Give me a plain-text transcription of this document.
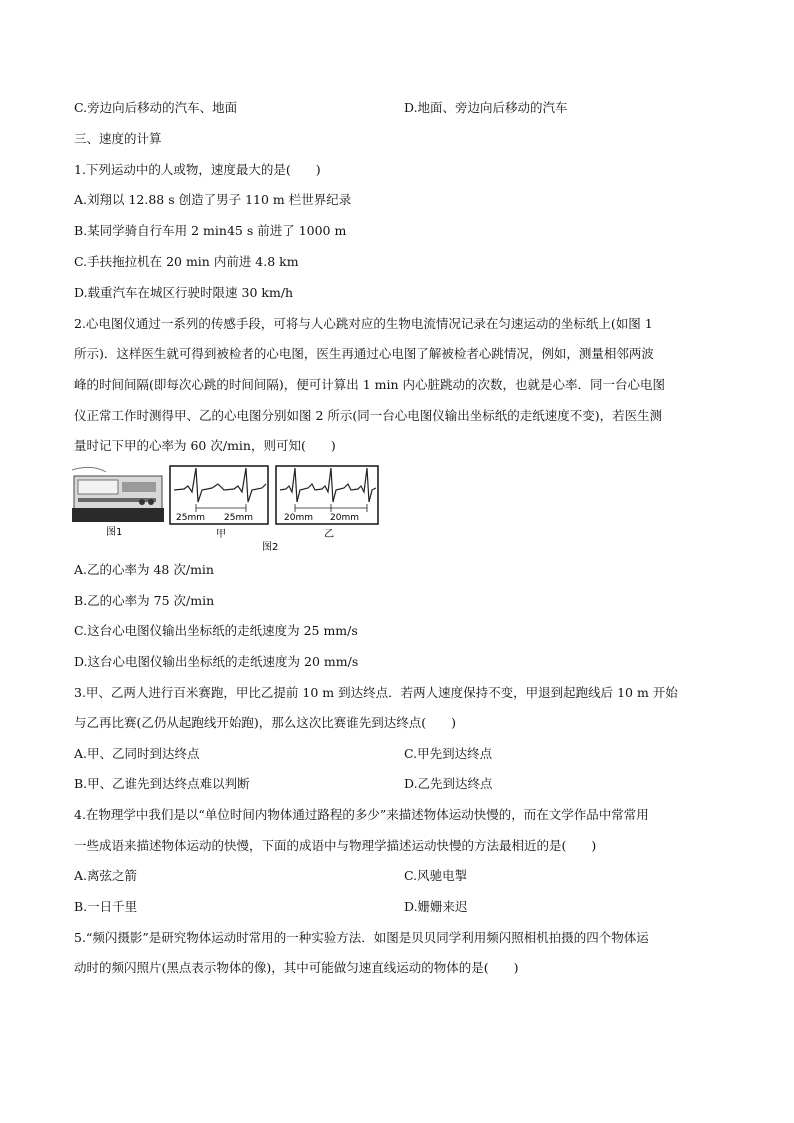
C.旁边向后移动的汽车、地面	D.地面、旁边向后移动的汽车
三、速度的计算
1.下列运动中的人或物，速度最大的是(　　)
A.刘翔以 12.88 s 创造了男子 110 m 栏世界纪录
B.某同学骑自行车用 2 min45 s 前进了 1000 m
C.手扶拖拉机在 20 min 内前进 4.8 km
D.载重汽车在城区行驶时限速 30 km/h
2.心电图仪通过一系列的传感手段，可将与人心跳对应的生物电流情况记录在匀速运动的坐标纸上(如图 1
所示)．这样医生就可得到被检者的心电图，医生再通过心电图了解被检者心跳情况，例如，测量相邻两波
峰的时间间隔(即每次心跳的时间间隔)，便可计算出 1 min 内心脏跳动的次数，也就是心率．同一台心电图
仪正常工作时测得甲、乙的心电图分别如图 2 所示(同一台心电图仪输出坐标纸的走纸速度不变)，若医生测
量时记下甲的心率为 60 次/min，则可知(　　)
图1
25mm 25mm
甲
20mm 20mm
乙
图2
A.乙的心率为 48 次/min
B.乙的心率为 75 次/min
C.这台心电图仪输出坐标纸的走纸速度为 25 mm/s
D.这台心电图仪输出坐标纸的走纸速度为 20 mm/s
3.甲、乙两人进行百米赛跑，甲比乙提前 10 m 到达终点．若两人速度保持不变，甲退到起跑线后 10 m 开始
与乙再比赛(乙仍从起跑线开始跑)，那么这次比赛谁先到达终点(　　)
A.甲、乙同时到达终点	C.甲先到达终点
B.甲、乙谁先到达终点难以判断	D.乙先到达终点
4.在物理学中我们是以“单位时间内物体通过路程的多少”来描述物体运动快慢的，而在文学作品中常常用
一些成语来描述物体运动的快慢，下面的成语中与物理学描述运动快慢的方法最相近的是(　　)
A.离弦之箭	C.风驰电掣
B.一日千里	D.姗姗来迟
5.“频闪摄影”是研究物体运动时常用的一种实验方法．如图是贝贝同学利用频闪照相机拍摄的四个物体运
动时的频闪照片(黑点表示物体的像)，其中可能做匀速直线运动的物体的是(　　)
